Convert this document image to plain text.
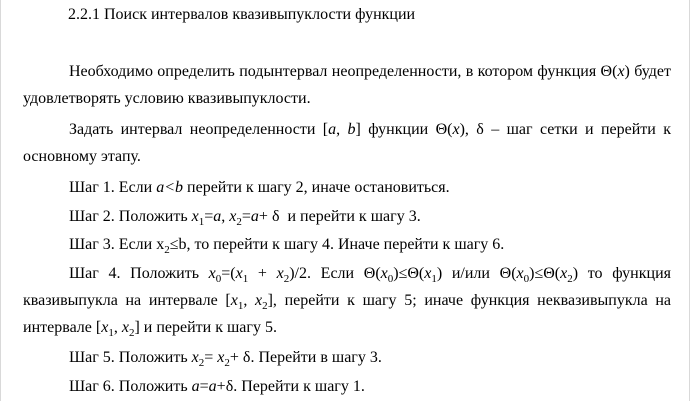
2.2.1 Поиск интервалов квазивыпуклости функции
Необходимо определить подынтервал неопределенности, в котором функция Θ(x) будет удовлетворять условию квазивыпуклости.
Задать интервал неопределенности [a, b] функции Θ(x), δ – шаг сетки и перейти к основному этапу.
Шаг 1. Если a<b перейти к шагу 2, иначе остановиться.
Шаг 2. Положить $x_1=a$, $x_2=a+ \delta$  и перейти к шагу 3.
Шаг 3. Если $x_2\le b$, то перейти к шагу 4. Иначе перейти к шагу 6.
Шаг 4. Положить $x_0=(x_1 + x_2)/2$. Если $\Theta(x_0)\le\Theta(x_1)$ и/или $\Theta(x_0)\le\Theta(x_2)$ то функция квазивыпукла на интервале [$x_1$, $x_2$], перейти к шагу 5; иначе функция неквазивыпукла на интервале [$x_1$, $x_2$] и перейти к шагу 5.
Шаг 5. Положить $x_2= x_2+ \delta$. Перейти в шагу 3.
Шаг 6. Положить a=a+δ. Перейти к шагу 1.
